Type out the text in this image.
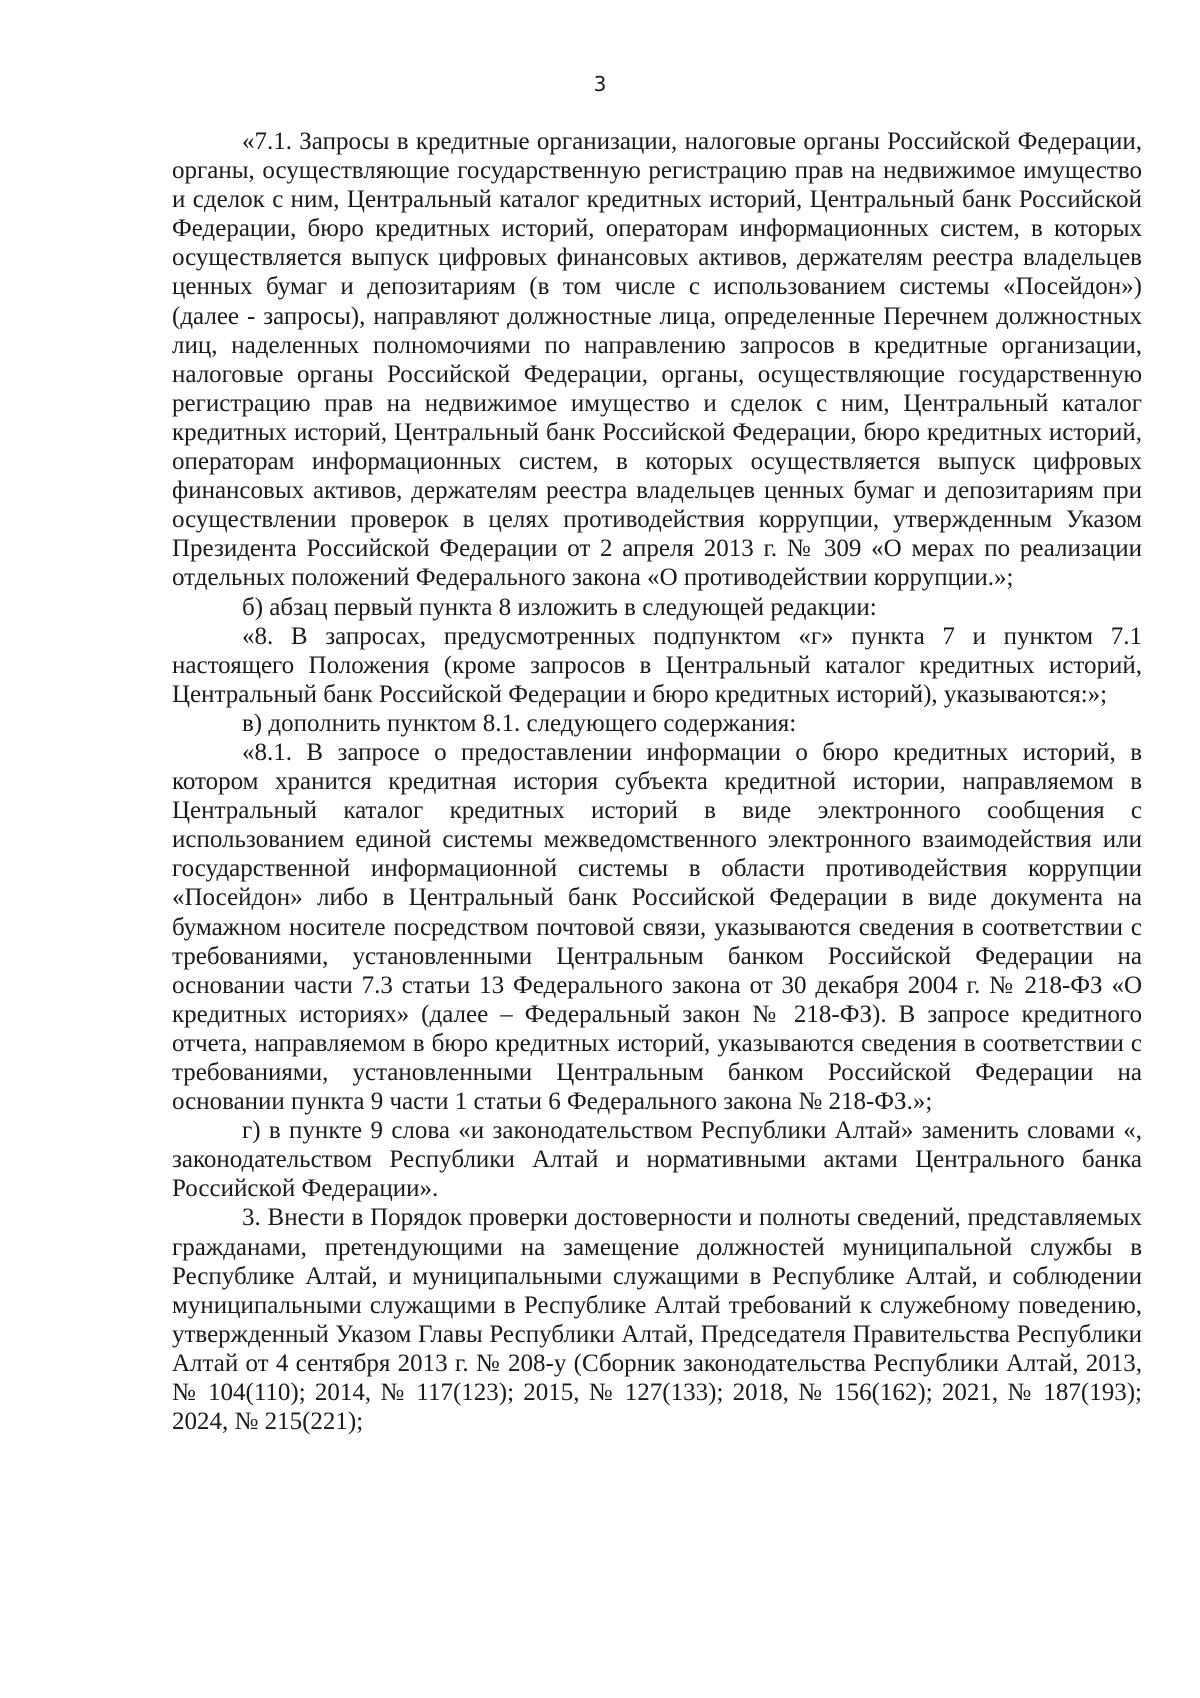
3

«7.1. Запросы в кредитные организации, налоговые органы Российской Федерации, органы, осуществляющие государственную регистрацию прав на недвижимое имущество и сделок с ним, Центральный каталог кредитных историй, Центральный банк Российской Федерации, бюро кредитных историй, операторам информационных систем, в которых осуществляется выпуск цифровых финансовых активов, держателям реестра владельцев ценных бумаг и депозитариям (в том числе с использованием системы «Посейдон») (далее - запросы), направляют должностные лица, определенные Перечнем должностных лиц, наделенных полномочиями по направлению запросов в кредитные организации, налоговые органы Российской Федерации, органы, осуществляющие государственную регистрацию прав на недвижимое имущество и сделок с ним, Центральный каталог кредитных историй, Центральный банк Российской Федерации, бюро кредитных историй, операторам информационных систем, в которых осуществляется выпуск цифровых финансовых активов, держателям реестра владельцев ценных бумаг и депозитариям при осуществлении проверок в целях противодействия коррупции, утвержденным Указом Президента Российской Федерации от 2 апреля 2013 г. № 309 «О мерах по реализации отдельных положений Федерального закона «О противодействии коррупции.»;

б) абзац первый пункта 8 изложить в следующей редакции:

«8. В запросах, предусмотренных подпунктом «г» пункта 7 и пунктом 7.1 настоящего Положения (кроме запросов в Центральный каталог кредитных историй, Центральный банк Российской Федерации и бюро кредитных историй), указываются:»;

в) дополнить пунктом 8.1. следующего содержания:

«8.1. В запросе о предоставлении информации о бюро кредитных историй, в котором хранится кредитная история субъекта кредитной истории, направляемом в Центральный каталог кредитных историй в виде электронного сообщения с использованием единой системы межведомственного электронного взаимодействия или государственной информационной системы в области противодействия коррупции «Посейдон» либо в Центральный банк Российской Федерации в виде документа на бумажном носителе посредством почтовой связи, указываются сведения в соответствии с требованиями, установленными Центральным банком Российской Федерации на основании части 7.3 статьи 13 Федерального закона от 30 декабря 2004 г. № 218-ФЗ «О кредитных историях» (далее – Федеральный закон № 218-ФЗ). В запросе кредитного отчета, направляемом в бюро кредитных историй, указываются сведения в соответствии с требованиями, установленными Центральным банком Российской Федерации на основании пункта 9 части 1 статьи 6 Федерального закона № 218-ФЗ.»;

г) в пункте 9 слова «и законодательством Республики Алтай» заменить словами «, законодательством Республики Алтай и нормативными актами Центрального банка Российской Федерации».

3. Внести в Порядок проверки достоверности и полноты сведений, представляемых гражданами, претендующими на замещение должностей муниципальной службы в Республике Алтай, и муниципальными служащими в Республике Алтай, и соблюдении муниципальными служащими в Республике Алтай требований к служебному поведению, утвержденный Указом Главы Республики Алтай, Председателя Правительства Республики Алтай от 4 сентября 2013 г. № 208-у (Сборник законодательства Республики Алтай, 2013, № 104(110); 2014, № 117(123); 2015, № 127(133); 2018, № 156(162); 2021, № 187(193); 2024, № 215(221);
